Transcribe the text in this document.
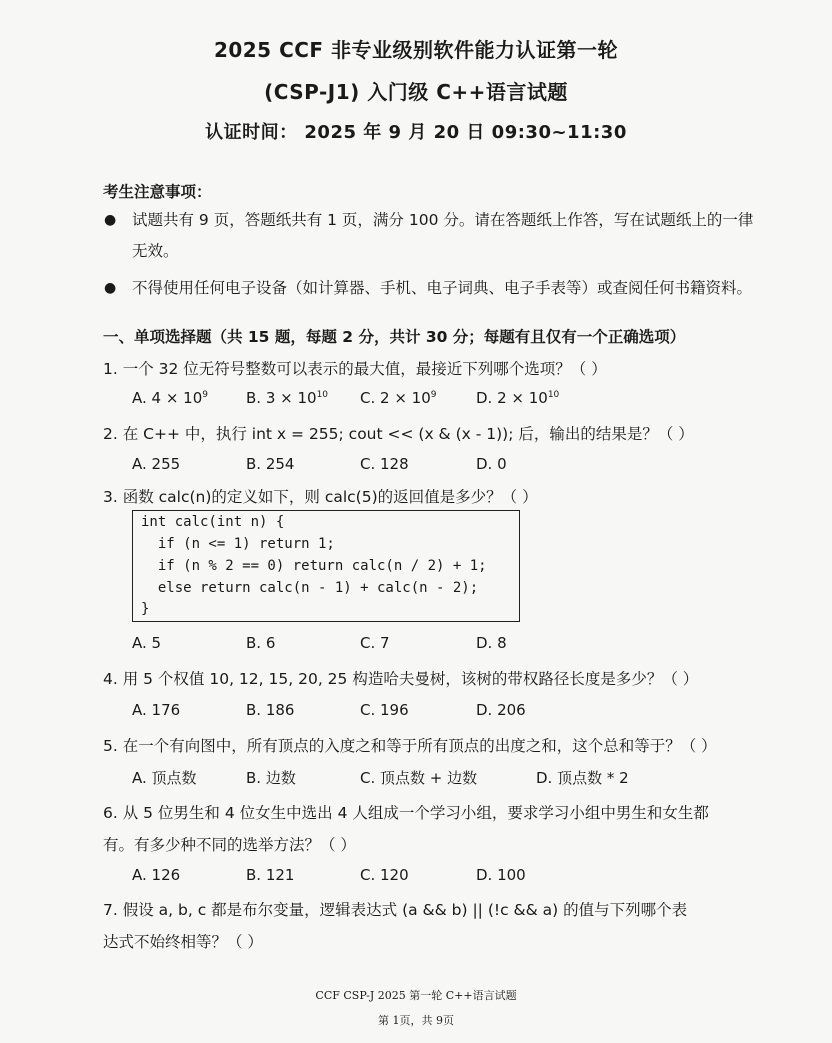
2025 CCF 非专业级别软件能力认证第一轮
(CSP-J1) 入门级 C++语言试题
认证时间： 2025 年 9 月 20 日 09:30~11:30
考生注意事项：
● 试题共有 9 页，答题纸共有 1 页，满分 100 分。请在答题纸上作答，写在试题纸上的一律
无效。
● 不得使用任何电子设备（如计算器、手机、电子词典、电子手表等）或查阅任何书籍资料。
一、单项选择题（共 15 题，每题 2 分，共计 30 分；每题有且仅有一个正确选项）
1. 一个 32 位无符号整数可以表示的最大值，最接近下列哪个选项？（ ）
A. $4 \times 10^9$	B. $3 \times 10^{10}$ C. $2 \times 10^9$	D. $2 \times 10^{10}$
2. 在 C++ 中，执行 int x = 255; cout << (x & (x - 1)); 后，输出的结果是？（ ）
A. 255	B. 254	C. 128	D. 0
3. 函数 calc(n)的定义如下，则 calc(5)的返回值是多少？（ ）
int calc(int n) {
if (n <= 1) return 1;
if (n % 2 == 0) return calc(n / 2) + 1;
else return calc(n - 1) + calc(n - 2);
}
A. 5	B. 6	C. 7	D. 8
4. 用 5 个权值 10, 12, 15, 20, 25 构造哈夫曼树，该树的带权路径长度是多少？（ ）
A. 176	B. 186	C. 196	D. 206
5. 在一个有向图中，所有顶点的入度之和等于所有顶点的出度之和，这个总和等于？（ ）
A. 顶点数	B. 边数	C. 顶点数 + 边数	D. 顶点数 * 2
6. 从 5 位男生和 4 位女生中选出 4 人组成一个学习小组，要求学习小组中男生和女生都
有。有多少种不同的选举方法？（ ）
A. 126	B. 121	C. 120	D. 100
7. 假设 a, b, c 都是布尔变量，逻辑表达式 (a && b) || (!c && a) 的值与下列哪个表
达式不始终相等？（ ）
CCF CSP-J 2025 第一轮 C++语言试题
第 1页，共 9页
